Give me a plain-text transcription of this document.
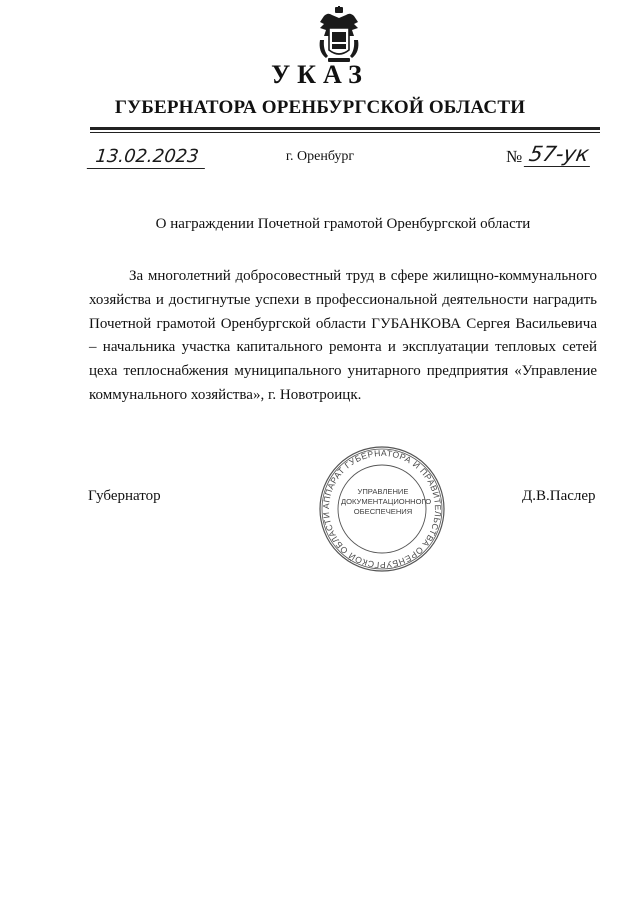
УКАЗ
ГУБЕРНАТОРА ОРЕНБУРГСКОЙ ОБЛАСТИ
13.02.2023	г. Оренбург	№ 57-ук
О награждении Почетной грамотой Оренбургской области
За многолетний добросовестный труд в сфере жилищно-коммунального хозяйства и достигнутые успехи в профессиональной деятельности наградить Почетной грамотой Оренбургской области ГУБАНКОВА Сергея Васильевича – начальника участка капитального ремонта и эксплуатации тепловых сетей цеха теплоснабжения муниципального унитарного предприятия «Управление коммунального хозяйства», г. Новотроицк.
Губернатор	Д.В.Паслер
АППАРАТ ГУБЕРНАТОРА И ПРАВИТЕЛЬСТВА ОРЕНБУРГСКОЙ ОБЛАСТИ
УПРАВЛЕНИЕ
ДОКУМЕНТАЦИОННОГО
ОБЕСПЕЧЕНИЯ
